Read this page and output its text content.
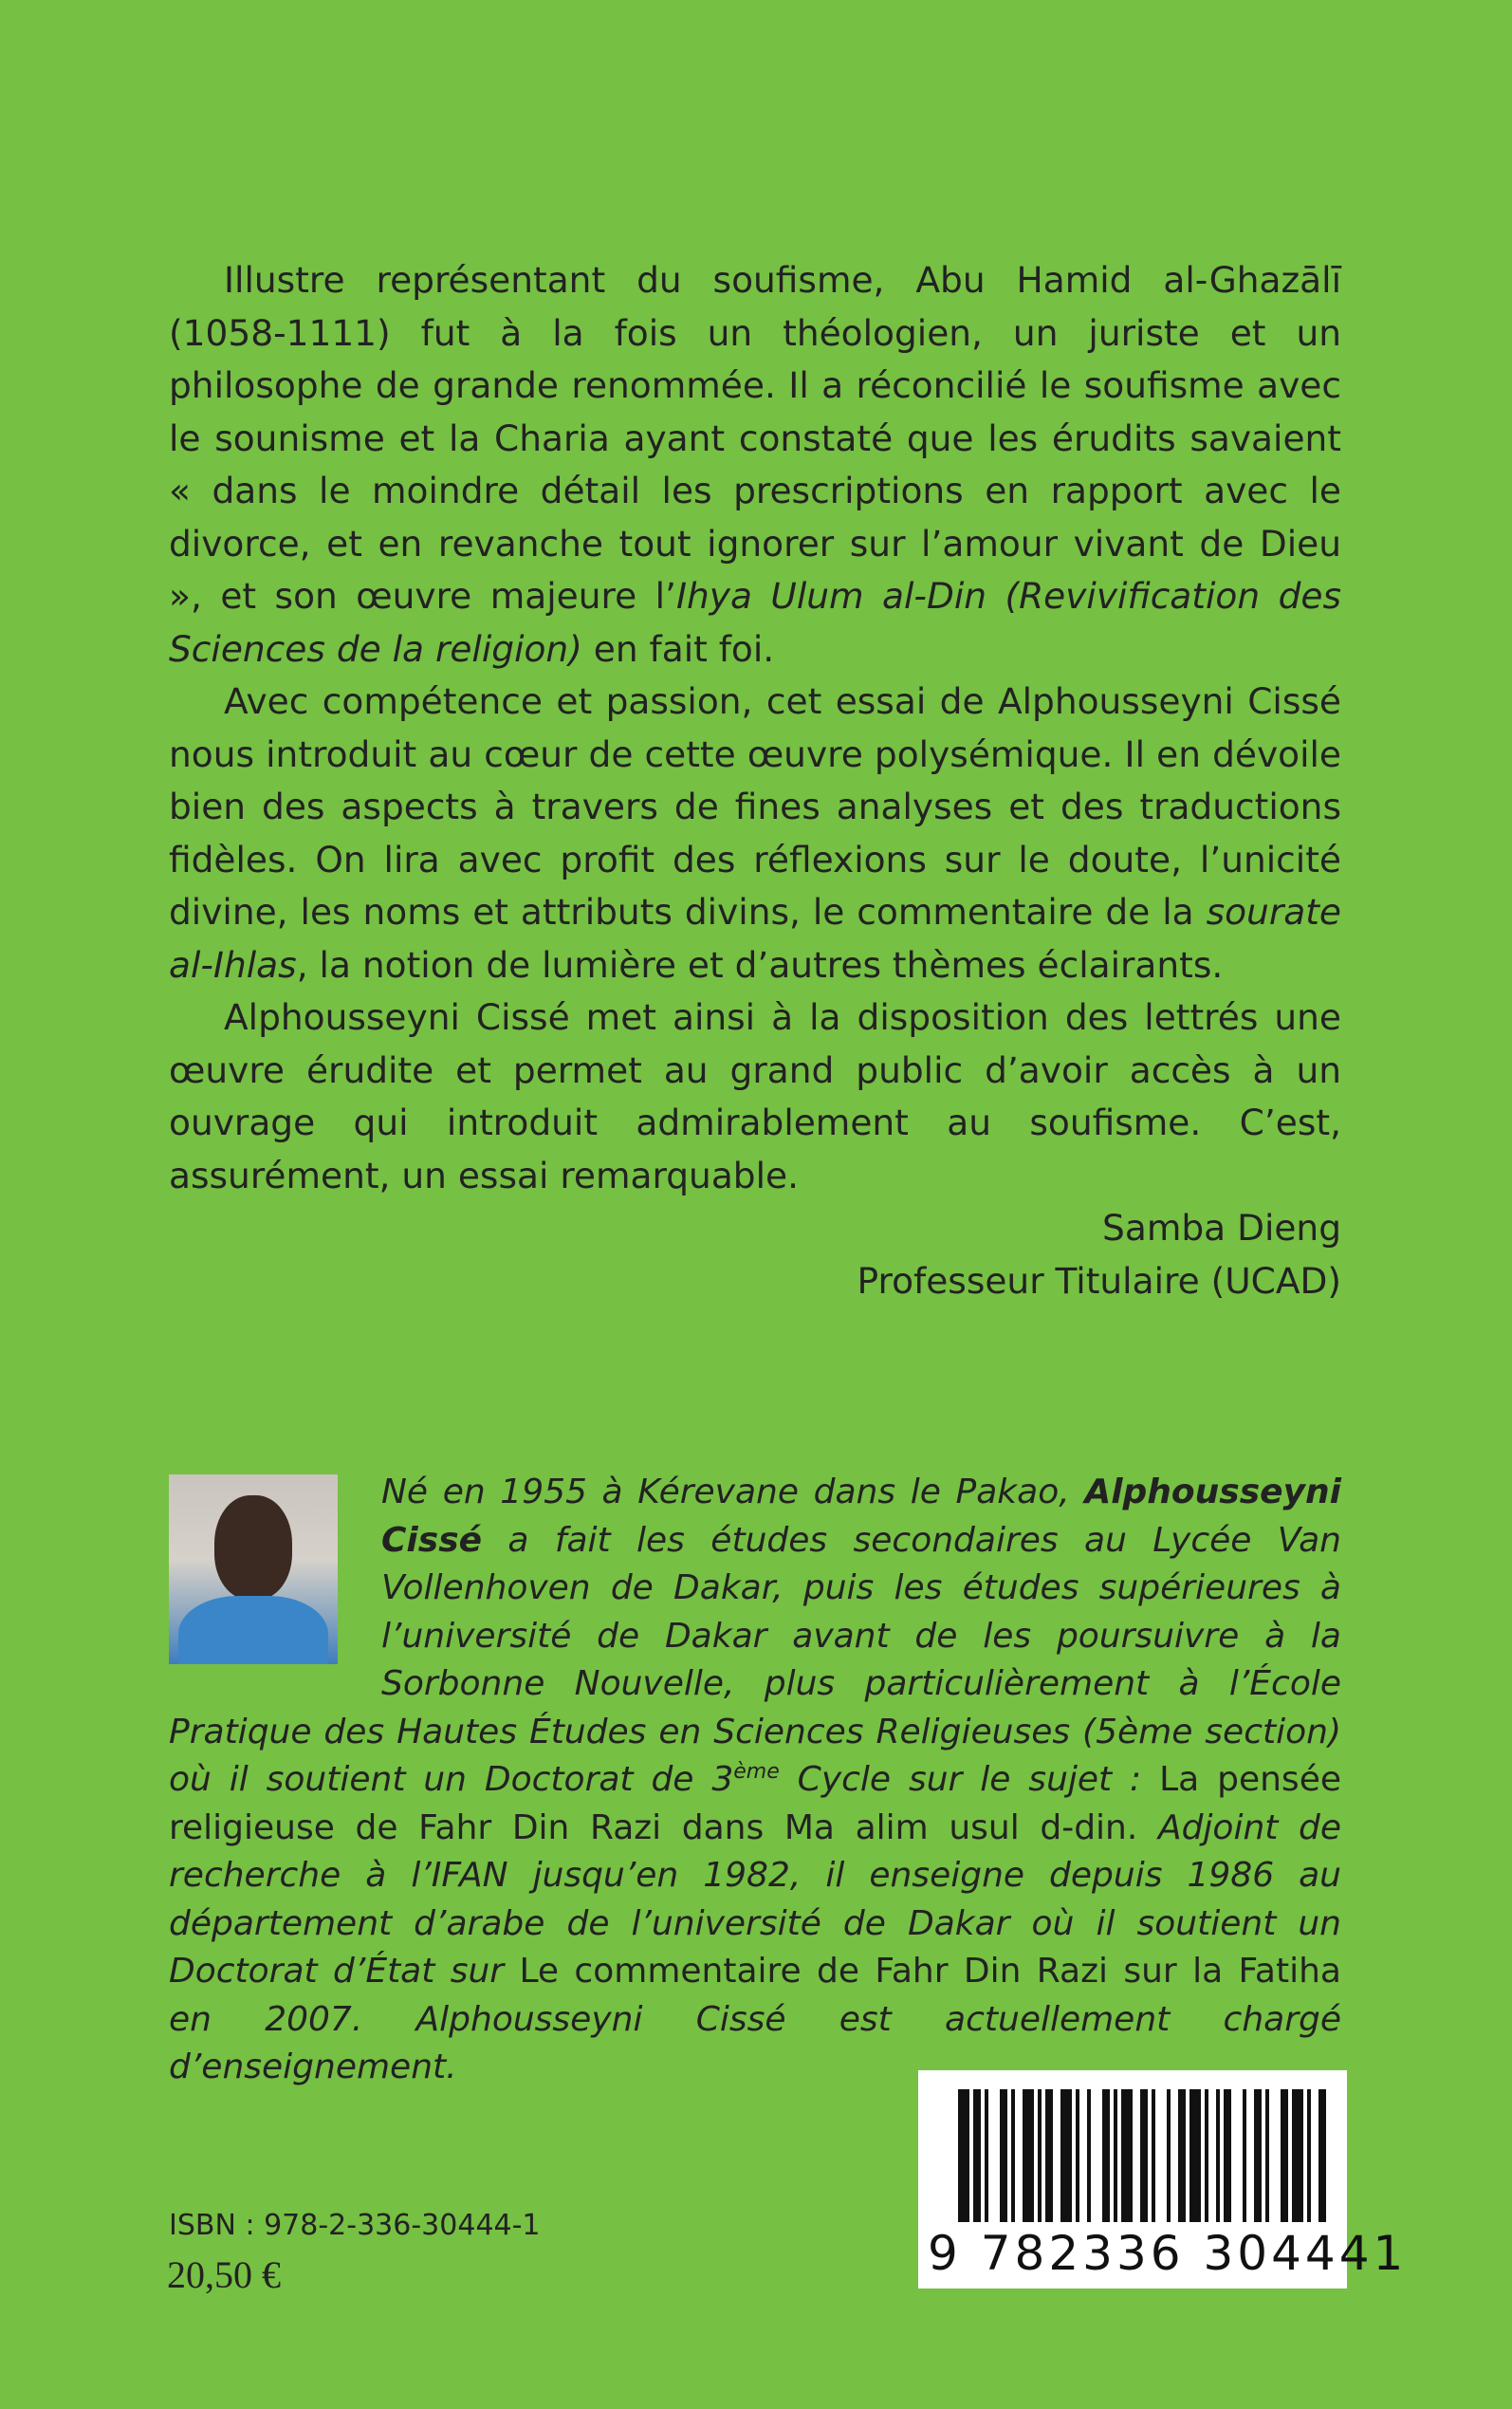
Illustre représentant du soufisme, Abu Hamid al-Ghazālī (1058-1111) fut à la fois un théologien, un juriste et un philosophe de grande renommée. Il a réconcilié le soufisme avec le sounisme et la Charia ayant constaté que les érudits savaient « dans le moindre détail les prescriptions en rapport avec le divorce, et en revanche tout ignorer sur l’amour vivant de Dieu », et son œuvre majeure l’Ihya Ulum al-Din (Revivification des Sciences de la religion) en fait foi.

Avec compétence et passion, cet essai de Alphousseyni Cissé nous introduit au cœur de cette œuvre polysémique. Il en dévoile bien des aspects à travers de fines analyses et des traductions fidèles. On lira avec profit des réflexions sur le doute, l’unicité divine, les noms et attributs divins, le commentaire de la sourate al-Ihlas, la notion de lumière et d’autres thèmes éclairants.

Alphousseyni Cissé met ainsi à la disposition des lettrés une œuvre érudite et permet au grand public d’avoir accès à un ouvrage qui introduit admirablement au soufisme. C’est, assurément, un essai remarquable.

Samba Dieng

Professeur Titulaire (UCAD)

Né en 1955 à Kérevane dans le Pakao, Alphousseyni Cissé a fait les études secondaires au Lycée Van Vollenhoven de Dakar, puis les études supérieures à l’université de Dakar avant de les poursuivre à la Sorbonne Nouvelle, plus particulièrement à l’École Pratique des Hautes Études en Sciences Religieuses (5ème section) où il soutient un Doctorat de 3ème Cycle sur le sujet : La pensée religieuse de Fahr Din Razi dans Ma alim usul d-din. Adjoint de recherche à l’IFAN jusqu’en 1982, il enseigne depuis 1986 au département d’arabe de l’université de Dakar où il soutient un Doctorat d’État sur Le commentaire de Fahr Din Razi sur la Fatiha en 2007. Alphousseyni Cissé est actuellement chargé d’enseignement.
9 782336 304441
ISBN : 978-2-336-30444-1
20,50 €
